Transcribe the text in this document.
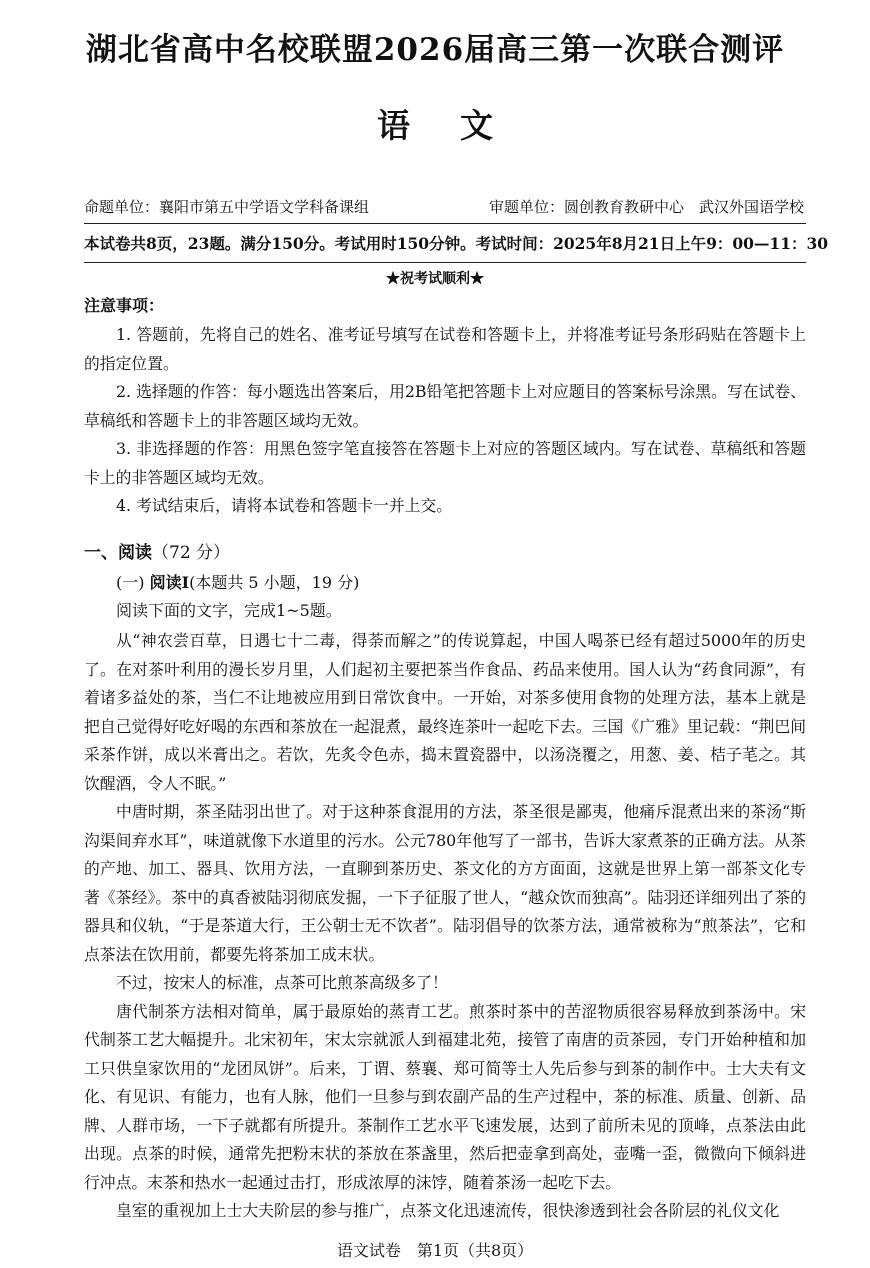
湖北省高中名校联盟2026届高三第一次联合测评
语文
命题单位：襄阳市第五中学语文学科备课组	审题单位：圆创教育教研中心　武汉外国语学校
本试卷共8页，23题。满分150分。考试用时150分钟。 考试时间：2025年8月21日上午9：00—11：30
★祝考试顺利★
注意事项：

1. 答题前，先将自己的姓名、准考证号填写在试卷和答题卡上，并将准考证号条形码贴在答题卡上的指定位置。

2. 选择题的作答：每小题选出答案后，用2B铅笔把答题卡上对应题目的答案标号涂黑。写在试卷、草稿纸和答题卡上的非答题区域均无效。

3. 非选择题的作答：用黑色签字笔直接答在答题卡上对应的答题区域内。写在试卷、草稿纸和答题卡上的非答题区域均无效。

4. 考试结束后，请将本试卷和答题卡一并上交。

一、阅读（72 分）
(一) 阅读Ⅰ(本题共 5 小题，19 分)
阅读下面的文字，完成1~5题。

从“神农尝百草，日遇七十二毒，得荼而解之”的传说算起，中国人喝茶已经有超过5000年的历史了。在对茶叶利用的漫长岁月里，人们起初主要把茶当作食品、药品来使用。国人认为“药食同源”，有着诸多益处的茶，当仁不让地被应用到日常饮食中。一开始，对茶多使用食物的处理方法，基本上就是把自己觉得好吃好喝的东西和茶放在一起混煮，最终连茶叶一起吃下去。三国《广雅》里记载：“荆巴间采茶作饼，成以米膏出之。若饮，先炙令色赤，捣末置瓷器中，以汤浇覆之，用葱、姜、桔子芼之。其饮醒酒，令人不眠。”

中唐时期，茶圣陆羽出世了。对于这种茶食混用的方法，茶圣很是鄙夷，他痛斥混煮出来的茶汤“斯沟渠间弃水耳”，味道就像下水道里的污水。公元780年他写了一部书，告诉大家煮茶的正确方法。从茶的产地、加工、器具、饮用方法，一直聊到茶历史、茶文化的方方面面，这就是世界上第一部茶文化专著《茶经》。茶中的真香被陆羽彻底发掘，一下子征服了世人，“越众饮而独高”。陆羽还详细列出了茶的器具和仪轨，“于是茶道大行，王公朝士无不饮者”。陆羽倡导的饮茶方法，通常被称为“煎茶法”，它和点茶法在饮用前，都要先将茶加工成末状。

不过，按宋人的标准，点茶可比煎茶高级多了！

唐代制茶方法相对简单，属于最原始的蒸青工艺。煎茶时茶中的苦涩物质很容易释放到茶汤中。宋代制茶工艺大幅提升。北宋初年，宋太宗就派人到福建北苑，接管了南唐的贡茶园，专门开始种植和加工只供皇家饮用的“龙团凤饼”。后来，丁谓、蔡襄、郑可简等士人先后参与到茶的制作中。士大夫有文化、有见识、有能力，也有人脉，他们一旦参与到农副产品的生产过程中，茶的标准、质量、创新、品牌、人群市场，一下子就都有所提升。茶制作工艺水平飞速发展，达到了前所未见的顶峰，点茶法由此出现。点茶的时候，通常先把粉末状的茶放在茶盏里，然后把壶拿到高处，壶嘴一歪，微微向下倾斜进行冲点。末茶和热水一起通过击打，形成浓厚的沫饽，随着茶汤一起吃下去。

皇室的重视加上士大夫阶层的参与推广，点茶文化迅速流传，很快渗透到社会各阶层的礼仪文化

语文试卷　第1页（共8页）
